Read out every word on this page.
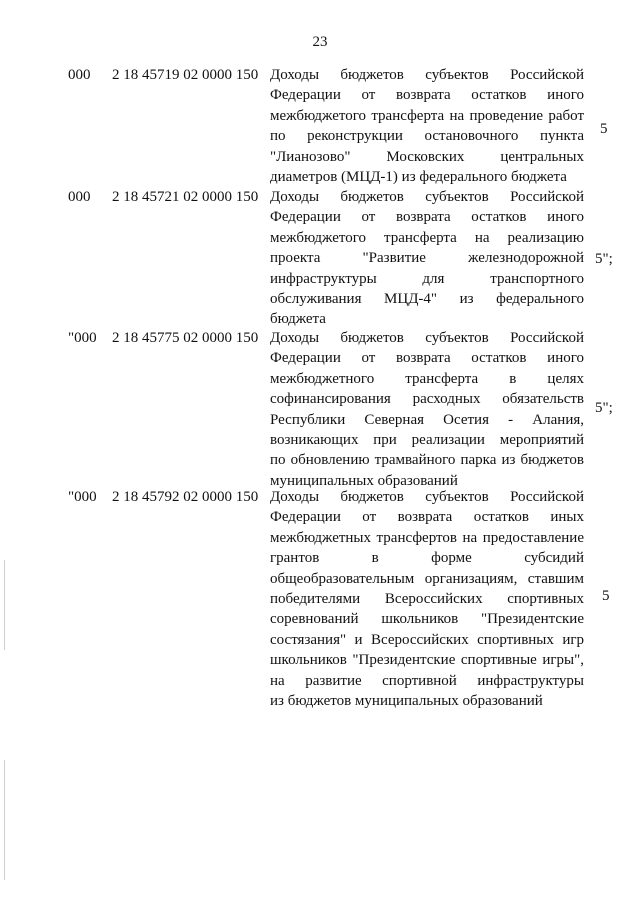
23
000 2 18 45719 02 0000 150 Доходы бюджетов субъектов Российской
Федерации от возврата остатков иного
межбюджетого трансферта на проведение работ
по реконструкции остановочного пункта
"Лианозово" Московских центральных
диаметров (МЦД-1) из федерального бюджета
5
000 2 18 45721 02 0000 150 Доходы бюджетов субъектов Российской
Федерации от возврата остатков иного
межбюджетого трансферта на реализацию
проекта "Развитие железнодорожной
инфраструктуры для транспортного
обслуживания МЦД-4" из федерального
бюджета
5";
"000 2 18 45775 02 0000 150 Доходы бюджетов субъектов Российской
Федерации от возврата остатков иного
межбюджетного трансферта в целях
софинансирования расходных обязательств
Республики Северная Осетия - Алания,
возникающих при реализации мероприятий
по обновлению трамвайного парка из бюджетов
муниципальных образований
5";
"000 2 18 45792 02 0000 150 Доходы бюджетов субъектов Российской
Федерации от возврата остатков иных
межбюджетных трансфертов на предоставление
грантов в форме субсидий
общеобразовательным организациям, ставшим
победителями Всероссийских спортивных
соревнований школьников "Президентские
состязания" и Всероссийских спортивных игр
школьников "Президентские спортивные игры",
на развитие спортивной инфраструктуры
из бюджетов муниципальных образований
5
